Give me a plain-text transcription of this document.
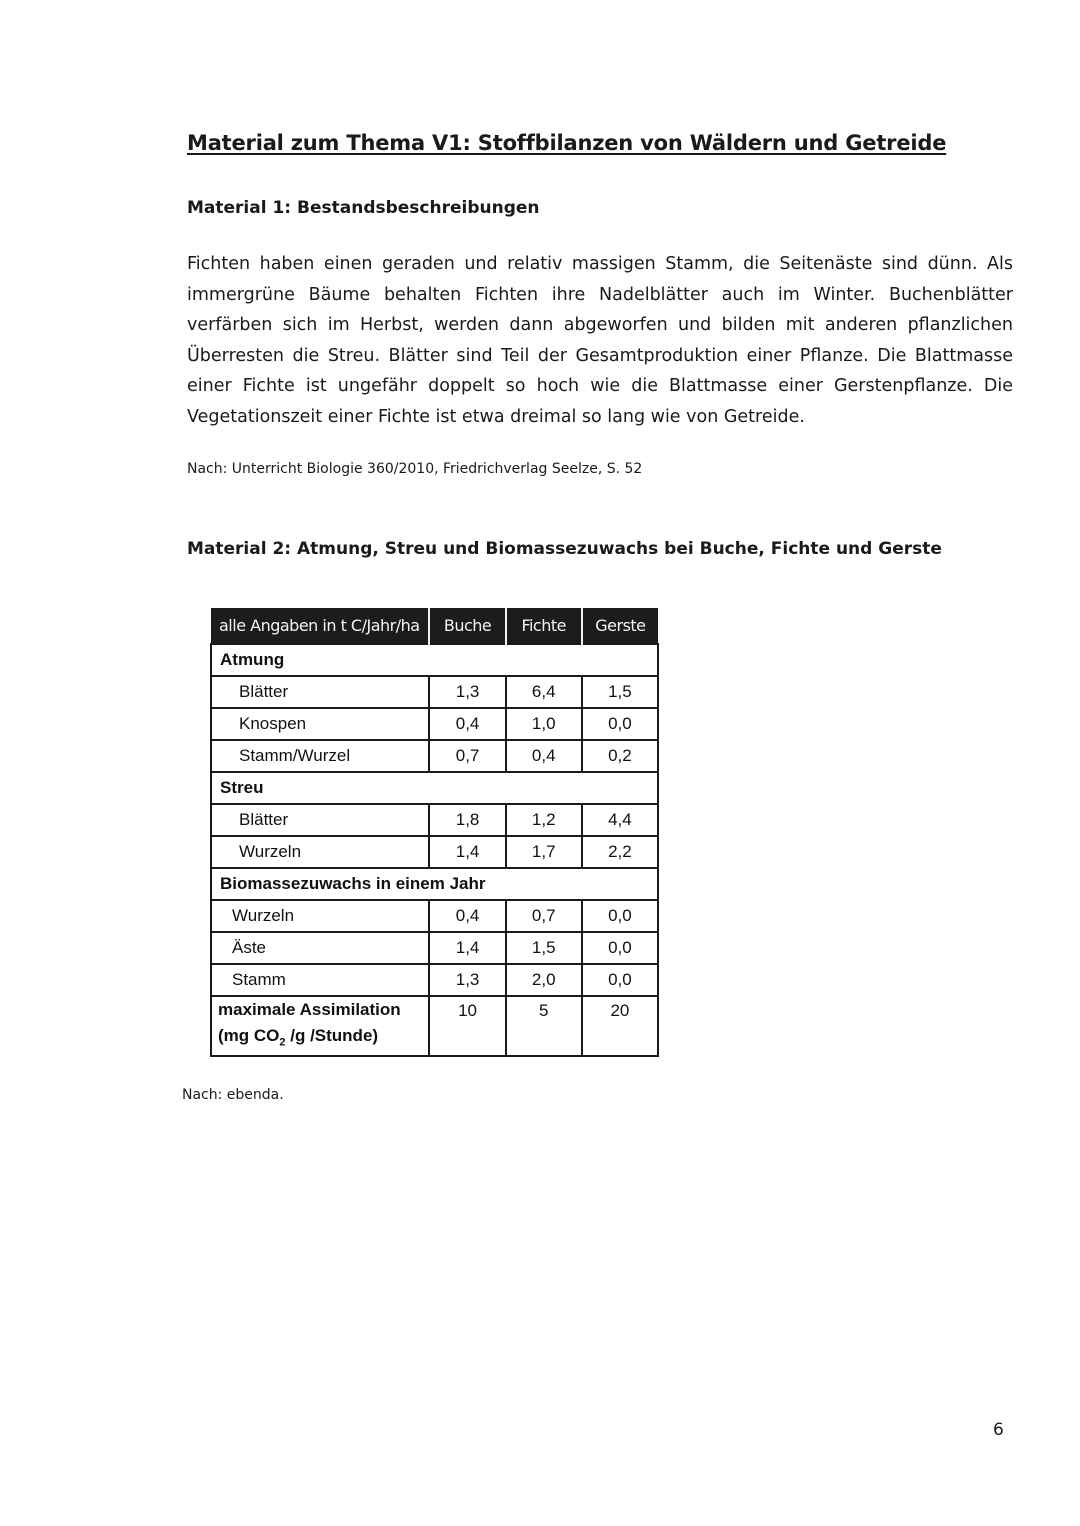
Material zum Thema V1: Stoffbilanzen von Wäldern und Getreide
Material 1: Bestandsbeschreibungen
Fichten haben einen geraden und relativ massigen Stamm, die Seitenäste sind dünn. Als
immergrüne Bäume behalten Fichten ihre Nadelblätter auch im Winter. Buchenblätter
verfärben sich im Herbst, werden dann abgeworfen und bilden mit anderen pflanzlichen
Überresten die Streu. Blätter sind Teil der Gesamtproduktion einer Pflanze. Die Blattmasse
einer Fichte ist ungefähr doppelt so hoch wie die Blattmasse einer Gerstenpflanze. Die
Vegetationszeit einer Fichte ist etwa dreimal so lang wie von Getreide.
Nach: Unterricht Biologie 360/2010, Friedrichverlag Seelze, S. 52
Material 2: Atmung, Streu und Biomassezuwachs bei Buche, Fichte und Gerste
alle Angaben in t C/Jahr/ha	Buche	Fichte	Gerste
Atmung			
Blätter	1,3	6,4	1,5
Knospen	0,4	1,0	0,0
Stamm/Wurzel	0,7	0,4	0,2
Streu			
Blätter	1,8	1,2	4,4
Wurzeln	1,4	1,7	2,2
Biomassezuwachs in einem Jahr			
Wurzeln	0,4	0,7	0,0
Äste	1,4	1,5	0,0
Stamm	1,3	2,0	0,0
maximale Assimilation
(mg $CO_2$ /g /Stunde)	10	5	20
Nach: ebenda.
6
